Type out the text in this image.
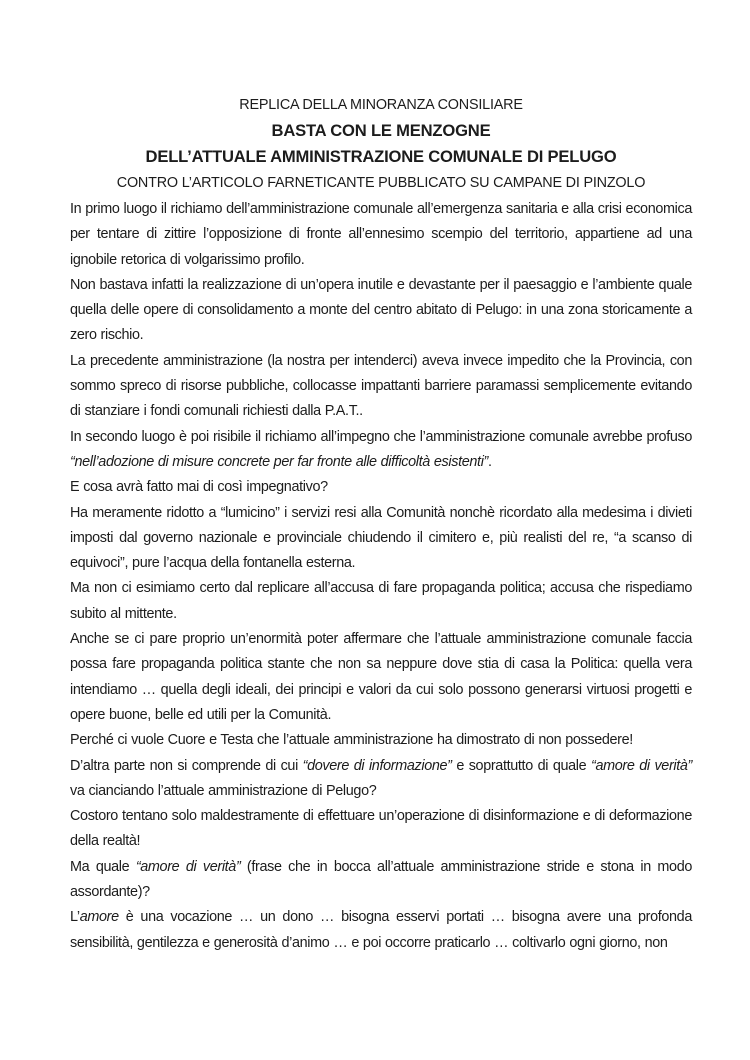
REPLICA DELLA MINORANZA CONSILIARE
BASTA CON LE MENZOGNE
DELL’ATTUALE AMMINISTRAZIONE COMUNALE DI PELUGO
CONTRO L’ARTICOLO FARNETICANTE PUBBLICATO SU CAMPANE DI PINZOLO

In primo luogo il richiamo dell’amministrazione comunale all’emergenza sanitaria e alla crisi economica per tentare di zittire l’opposizione di fronte all’ennesimo scempio del territorio, appartiene ad una ignobile retorica di volgarissimo profilo.

Non bastava infatti la realizzazione di un’opera inutile e devastante per il paesaggio e l’ambiente quale quella delle opere di consolidamento a monte del centro abitato di Pelugo: in una zona storicamente a zero rischio.

La precedente amministrazione (la nostra per intenderci) aveva invece impedito che la Provincia, con sommo spreco di risorse pubbliche, collocasse impattanti barriere paramassi semplicemente evitando di stanziare i fondi comunali richiesti dalla P.A.T..

In secondo luogo è poi risibile il richiamo all’impegno che l’amministrazione comunale avrebbe profuso “nell’adozione di misure concrete per far fronte alle difficoltà esistenti”.

E cosa avrà fatto mai di così impegnativo?

Ha meramente ridotto a “lumicino” i servizi resi alla Comunità nonchè ricordato alla medesima i divieti imposti dal governo nazionale e provinciale chiudendo il cimitero e, più realisti del re, “a scanso di equivoci”, pure l’acqua della fontanella esterna.

Ma non ci esimiamo certo dal replicare all’accusa di fare propaganda politica; accusa che rispediamo subito al mittente.

Anche se ci pare proprio un’enormità poter affermare che l’attuale amministrazione comunale faccia possa fare propaganda politica stante che non sa neppure dove stia di casa la Politica: quella vera intendiamo … quella degli ideali, dei principi e valori da cui solo possono generarsi virtuosi progetti e opere buone, belle ed utili per la Comunità.

Perché ci vuole Cuore e Testa che l’attuale amministrazione ha dimostrato di non possedere!

D’altra parte non si comprende di cui “dovere di informazione” e soprattutto di quale “amore di verità” va cianciando l’attuale amministrazione di Pelugo?

Costoro tentano solo maldestramente di effettuare un’operazione di disinformazione e di deformazione della realtà!

Ma quale “amore di verità” (frase che in bocca all’attuale amministrazione stride e stona in modo assordante)?

L’amore è una vocazione … un dono … bisogna esservi portati … bisogna avere una profonda sensibilità, gentilezza e generosità d’animo … e poi occorre praticarlo … coltivarlo ogni giorno, non
